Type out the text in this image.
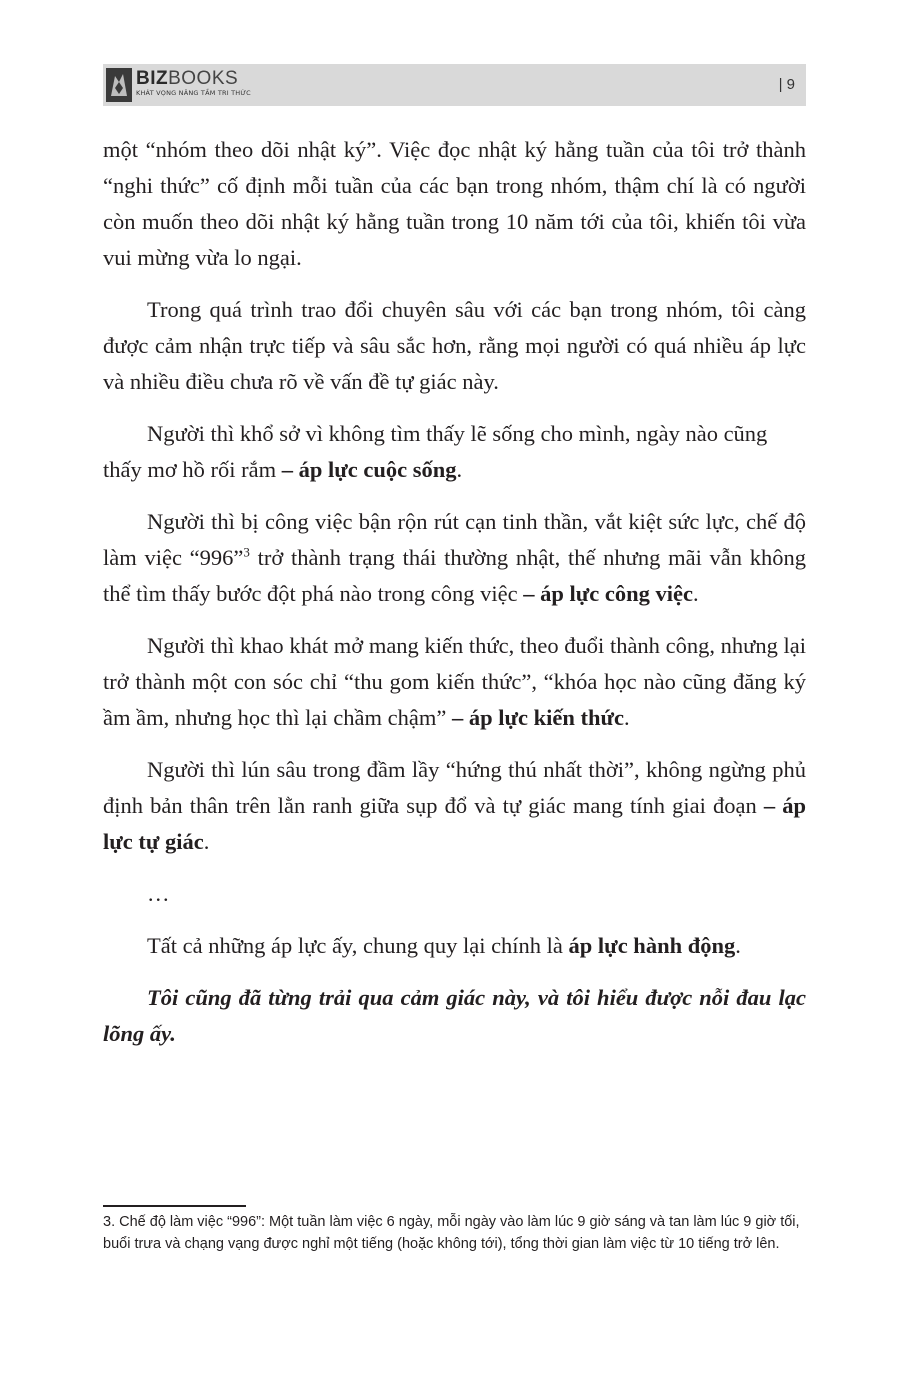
BIZBOOKS
KHÁT VỌNG NÂNG TẦM TRI THỨC	| 9

một “nhóm theo dõi nhật ký”. Việc đọc nhật ký hằng tuần của tôi trở thành “nghi thức” cố định mỗi tuần của các bạn trong nhóm, thậm chí là có người còn muốn theo dõi nhật ký hằng tuần trong 10 năm tới của tôi, khiến tôi vừa vui mừng vừa lo ngại.

Trong quá trình trao đổi chuyên sâu với các bạn trong nhóm, tôi càng được cảm nhận trực tiếp và sâu sắc hơn, rằng mọi người có quá nhiều áp lực và nhiều điều chưa rõ về vấn đề tự giác này.

Người thì khổ sở vì không tìm thấy lẽ sống cho mình, ngày nào cũng thấy mơ hồ rối rắm – áp lực cuộc sống.

Người thì bị công việc bận rộn rút cạn tinh thần, vắt kiệt sức lực, chế độ làm việc “996”$^3$ trở thành trạng thái thường nhật, thế nhưng mãi vẫn không thể tìm thấy bước đột phá nào trong công việc – áp lực công việc.

Người thì khao khát mở mang kiến thức, theo đuổi thành công, nhưng lại trở thành một con sóc chỉ “thu gom kiến thức”, “khóa học nào cũng đăng ký ầm ầm, nhưng học thì lại chầm chậm” – áp lực kiến thức.

Người thì lún sâu trong đầm lầy “hứng thú nhất thời”, không ngừng phủ định bản thân trên lằn ranh giữa sụp đổ và tự giác mang tính giai đoạn – áp lực tự giác.

…

Tất cả những áp lực ấy, chung quy lại chính là áp lực hành động.

Tôi cũng đã từng trải qua cảm giác này, và tôi hiểu được nỗi đau lạc lõng ấy.

3. Chế độ làm việc “996”: Một tuần làm việc 6 ngày, mỗi ngày vào làm lúc 9 giờ sáng và tan làm lúc 9 giờ tối, buổi trưa và chạng vạng được nghỉ một tiếng (hoặc không tới), tổng thời gian làm việc từ 10 tiếng trở lên.
